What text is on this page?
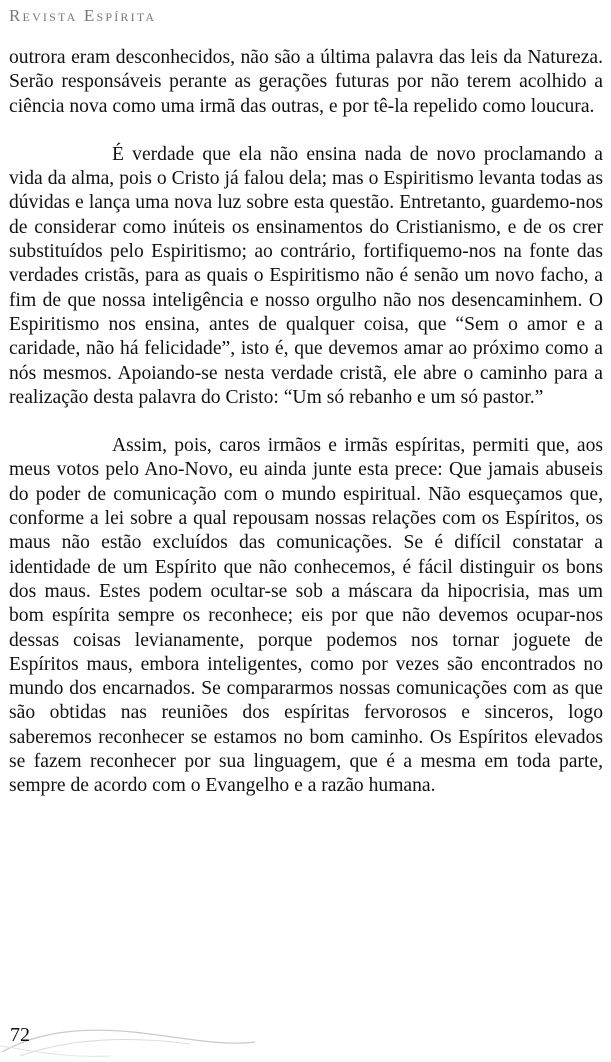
Revista Espírita

outrora eram desconhecidos, não são a última palavra das leis da Natureza. Serão responsáveis perante as gerações futuras por não terem acolhido a ciência nova como uma irmã das outras, e por tê-la repelido como loucura.

É verdade que ela não ensina nada de novo proclamando a vida da alma, pois o Cristo já falou dela; mas o Espiritismo levanta todas as dúvidas e lança uma nova luz sobre esta questão. Entretanto, guardemo-nos de considerar como inúteis os ensinamentos do Cristianismo, e de os crer substituídos pelo Espiritismo; ao contrário, fortifiquemo-nos na fonte das verdades cristãs, para as quais o Espiritismo não é senão um novo facho, a fim de que nossa inteligência e nosso orgulho não nos desencaminhem. O Espiritismo nos ensina, antes de qualquer coisa, que “Sem o amor e a caridade, não há felicidade”, isto é, que devemos amar ao próximo como a nós mesmos. Apoiando-se nesta verdade cristã, ele abre o caminho para a realização desta palavra do Cristo: “Um só rebanho e um só pastor.”

Assim, pois, caros irmãos e irmãs espíritas, permiti que, aos meus votos pelo Ano-Novo, eu ainda junte esta prece: Que jamais abuseis do poder de comunicação com o mundo espiritual. Não esqueçamos que, conforme a lei sobre a qual repousam nossas relações com os Espíritos, os maus não estão excluídos das comunicações. Se é difícil constatar a identidade de um Espírito que não conhecemos, é fácil distinguir os bons dos maus. Estes podem ocultar-se sob a máscara da hipocrisia, mas um bom espírita sempre os reconhece; eis por que não devemos ocupar-nos dessas coisas levianamente, porque podemos nos tornar joguete de Espíritos maus, embora inteligentes, como por vezes são encontrados no mundo dos encarnados. Se compararmos nossas comunicações com as que são obtidas nas reuniões dos espíritas fervorosos e sinceros, logo saberemos reconhecer se estamos no bom caminho. Os Espíritos elevados se fazem reconhecer por sua linguagem, que é a mesma em toda parte, sempre de acordo com o Evangelho e a razão humana.

72
